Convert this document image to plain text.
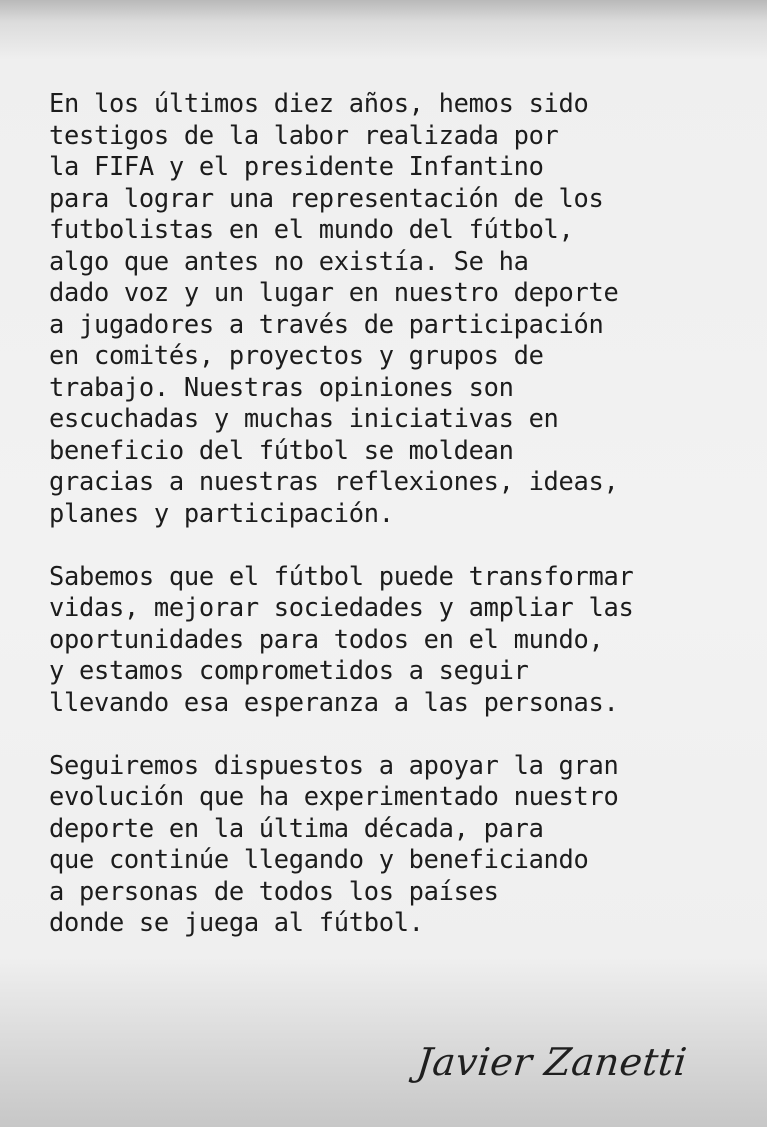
En los últimos diez años, hemos sido
testigos de la labor realizada por
la FIFA y el presidente Infantino
para lograr una representación de los
futbolistas en el mundo del fútbol,
algo que antes no existía. Se ha
dado voz y un lugar en nuestro deporte
a jugadores a través de participación
en comités, proyectos y grupos de
trabajo. Nuestras opiniones son
escuchadas y muchas iniciativas en
beneficio del fútbol se moldean
gracias a nuestras reflexiones, ideas,
planes y participación.
Sabemos que el fútbol puede transformar
vidas, mejorar sociedades y ampliar las
oportunidades para todos en el mundo,
y estamos comprometidos a seguir
llevando esa esperanza a las personas.
Seguiremos dispuestos a apoyar la gran
evolución que ha experimentado nuestro
deporte en la última década, para
que continúe llegando y beneficiando
a personas de todos los países
donde se juega al fútbol.
Javier Zanetti
